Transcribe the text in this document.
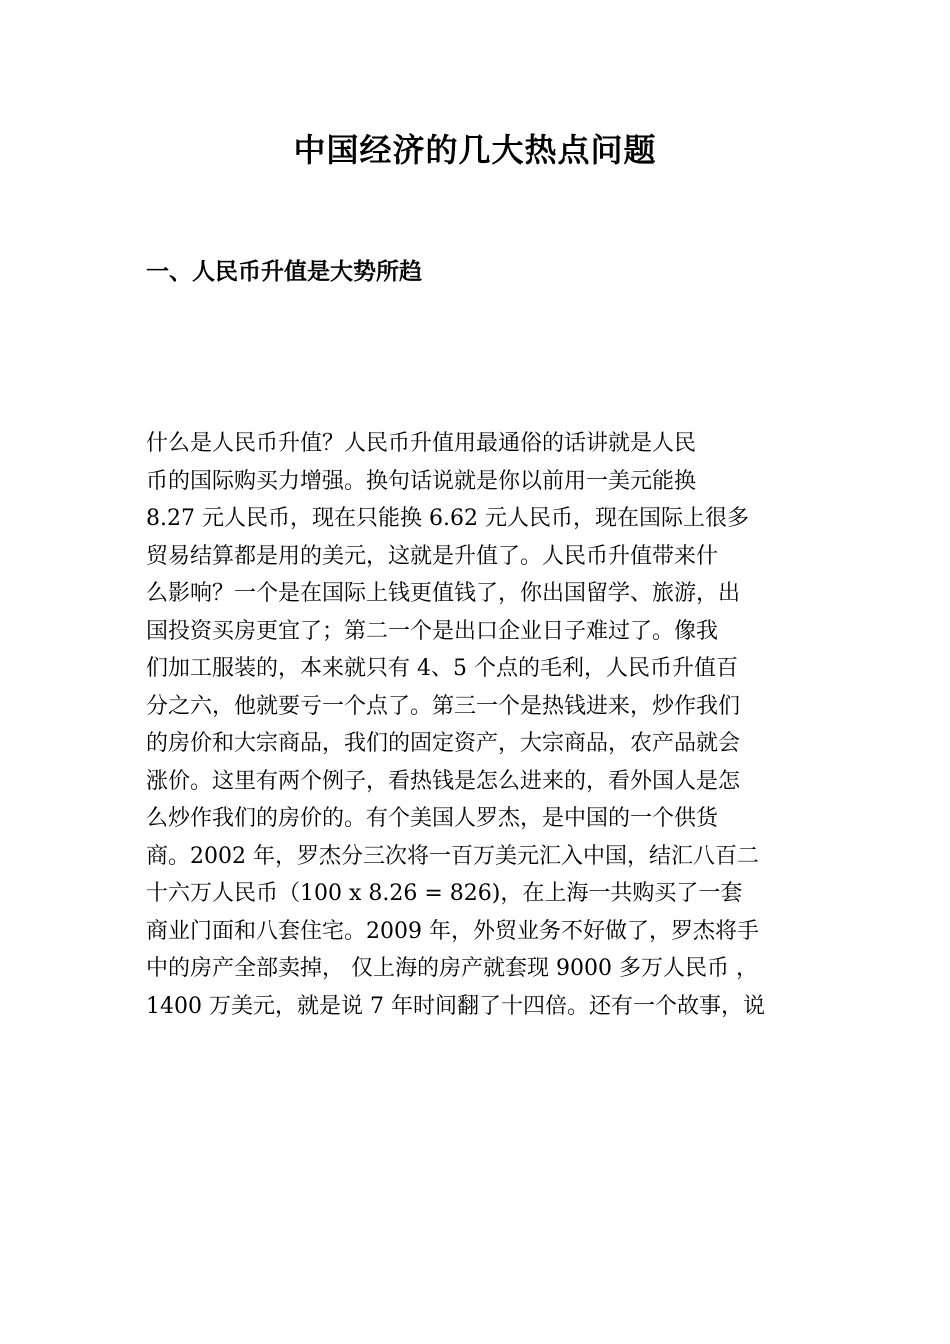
中国经济的几大热点问题
一、人民币升值是大势所趋
什么是人民币升值？人民币升值用最通俗的话讲就是人民
币的国际购买力增强。换句话说就是你以前用一美元能换
8.27 元人民币，现在只能换 6.62 元人民币，现在国际上很多
贸易结算都是用的美元，这就是升值了。人民币升值带来什
么影响？一个是在国际上钱更值钱了，你出国留学、旅游，出
国投资买房更宜了；第二一个是出口企业日子难过了。像我
们加工服装的，本来就只有 4、5 个点的毛利，人民币升值百
分之六，他就要亏一个点了。第三一个是热钱进来，炒作我们
的房价和大宗商品，我们的固定资产，大宗商品，农产品就会
涨价。这里有两个例子，看热钱是怎么进来的，看外国人是怎
么炒作我们的房价的。有个美国人罗杰，是中国的一个供货
商。2002 年，罗杰分三次将一百万美元汇入中国，结汇八百二
十六万人民币（100 x 8.26 = 826)，在上海一共购买了一套
商业门面和八套住宅。2009 年，外贸业务不好做了，罗杰将手
中的房产全部卖掉， 仅上海的房产就套现 9000 多万人民币 ，
1400 万美元，就是说 7 年时间翻了十四倍。还有一个故事，说
